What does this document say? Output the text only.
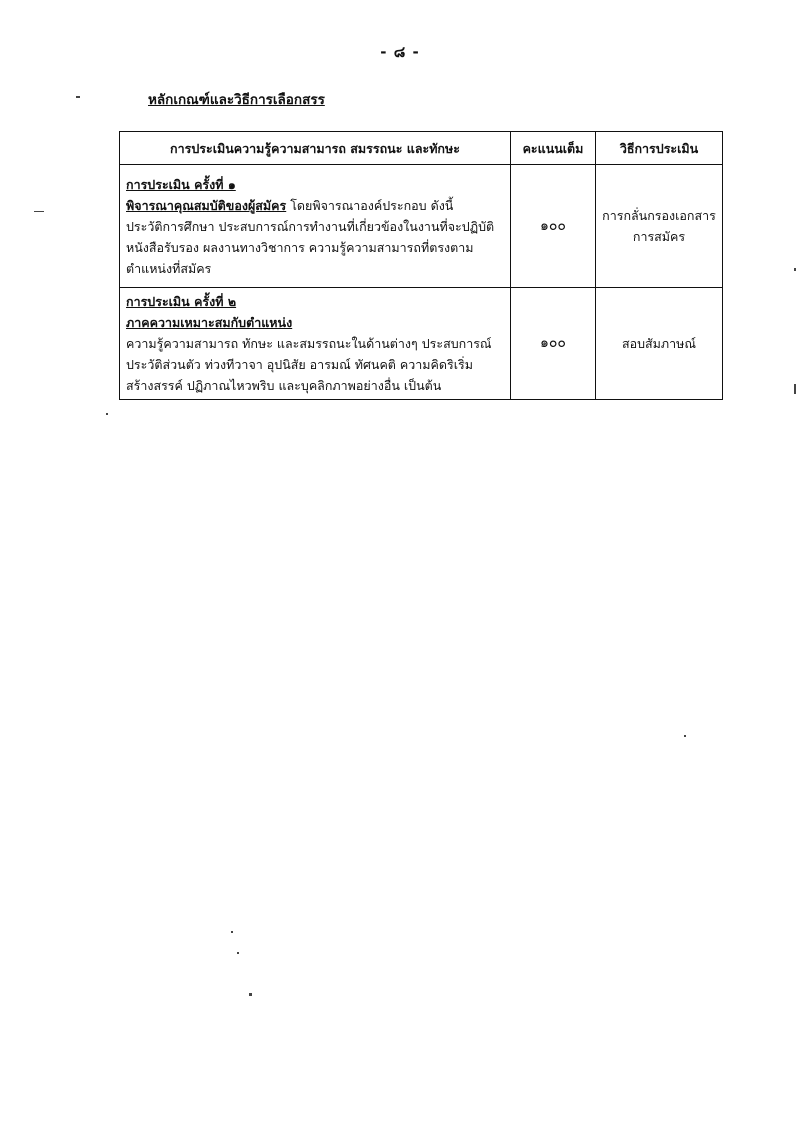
- ๘ -
หลักเกณฑ์และวิธีการเลือกสรร
การประเมินความรู้ความสามารถ สมรรถนะ และทักษะ	คะแนนเต็ม	วิธีการประเมิน

การประเมิน ครั้งที่ ๑
พิจารณาคุณสมบัติของผู้สมัคร โดยพิจารณาองค์ประกอบ ดังนี้
ประวัติการศึกษา ประสบการณ์การทำงานที่เกี่ยวข้องในงานที่จะปฏิบัติ
หนังสือรับรอง ผลงานทางวิชาการ ความรู้ความสามารถที่ตรงตาม
ตำแหน่งที่สมัคร	๑๐๐	การกลั่นกรองเอกสาร
การสมัคร

การประเมิน ครั้งที่ ๒
ภาคความเหมาะสมกับตำแหน่ง
ความรู้ความสามารถ ทักษะ และสมรรถนะในด้านต่างๆ ประสบการณ์
ประวัติส่วนตัว ท่วงทีวาจา อุปนิสัย อารมณ์ ทัศนคติ ความคิดริเริ่ม
สร้างสรรค์ ปฏิภาณไหวพริบ และบุคลิกภาพอย่างอื่น เป็นต้น	๑๐๐	สอบสัมภาษณ์
